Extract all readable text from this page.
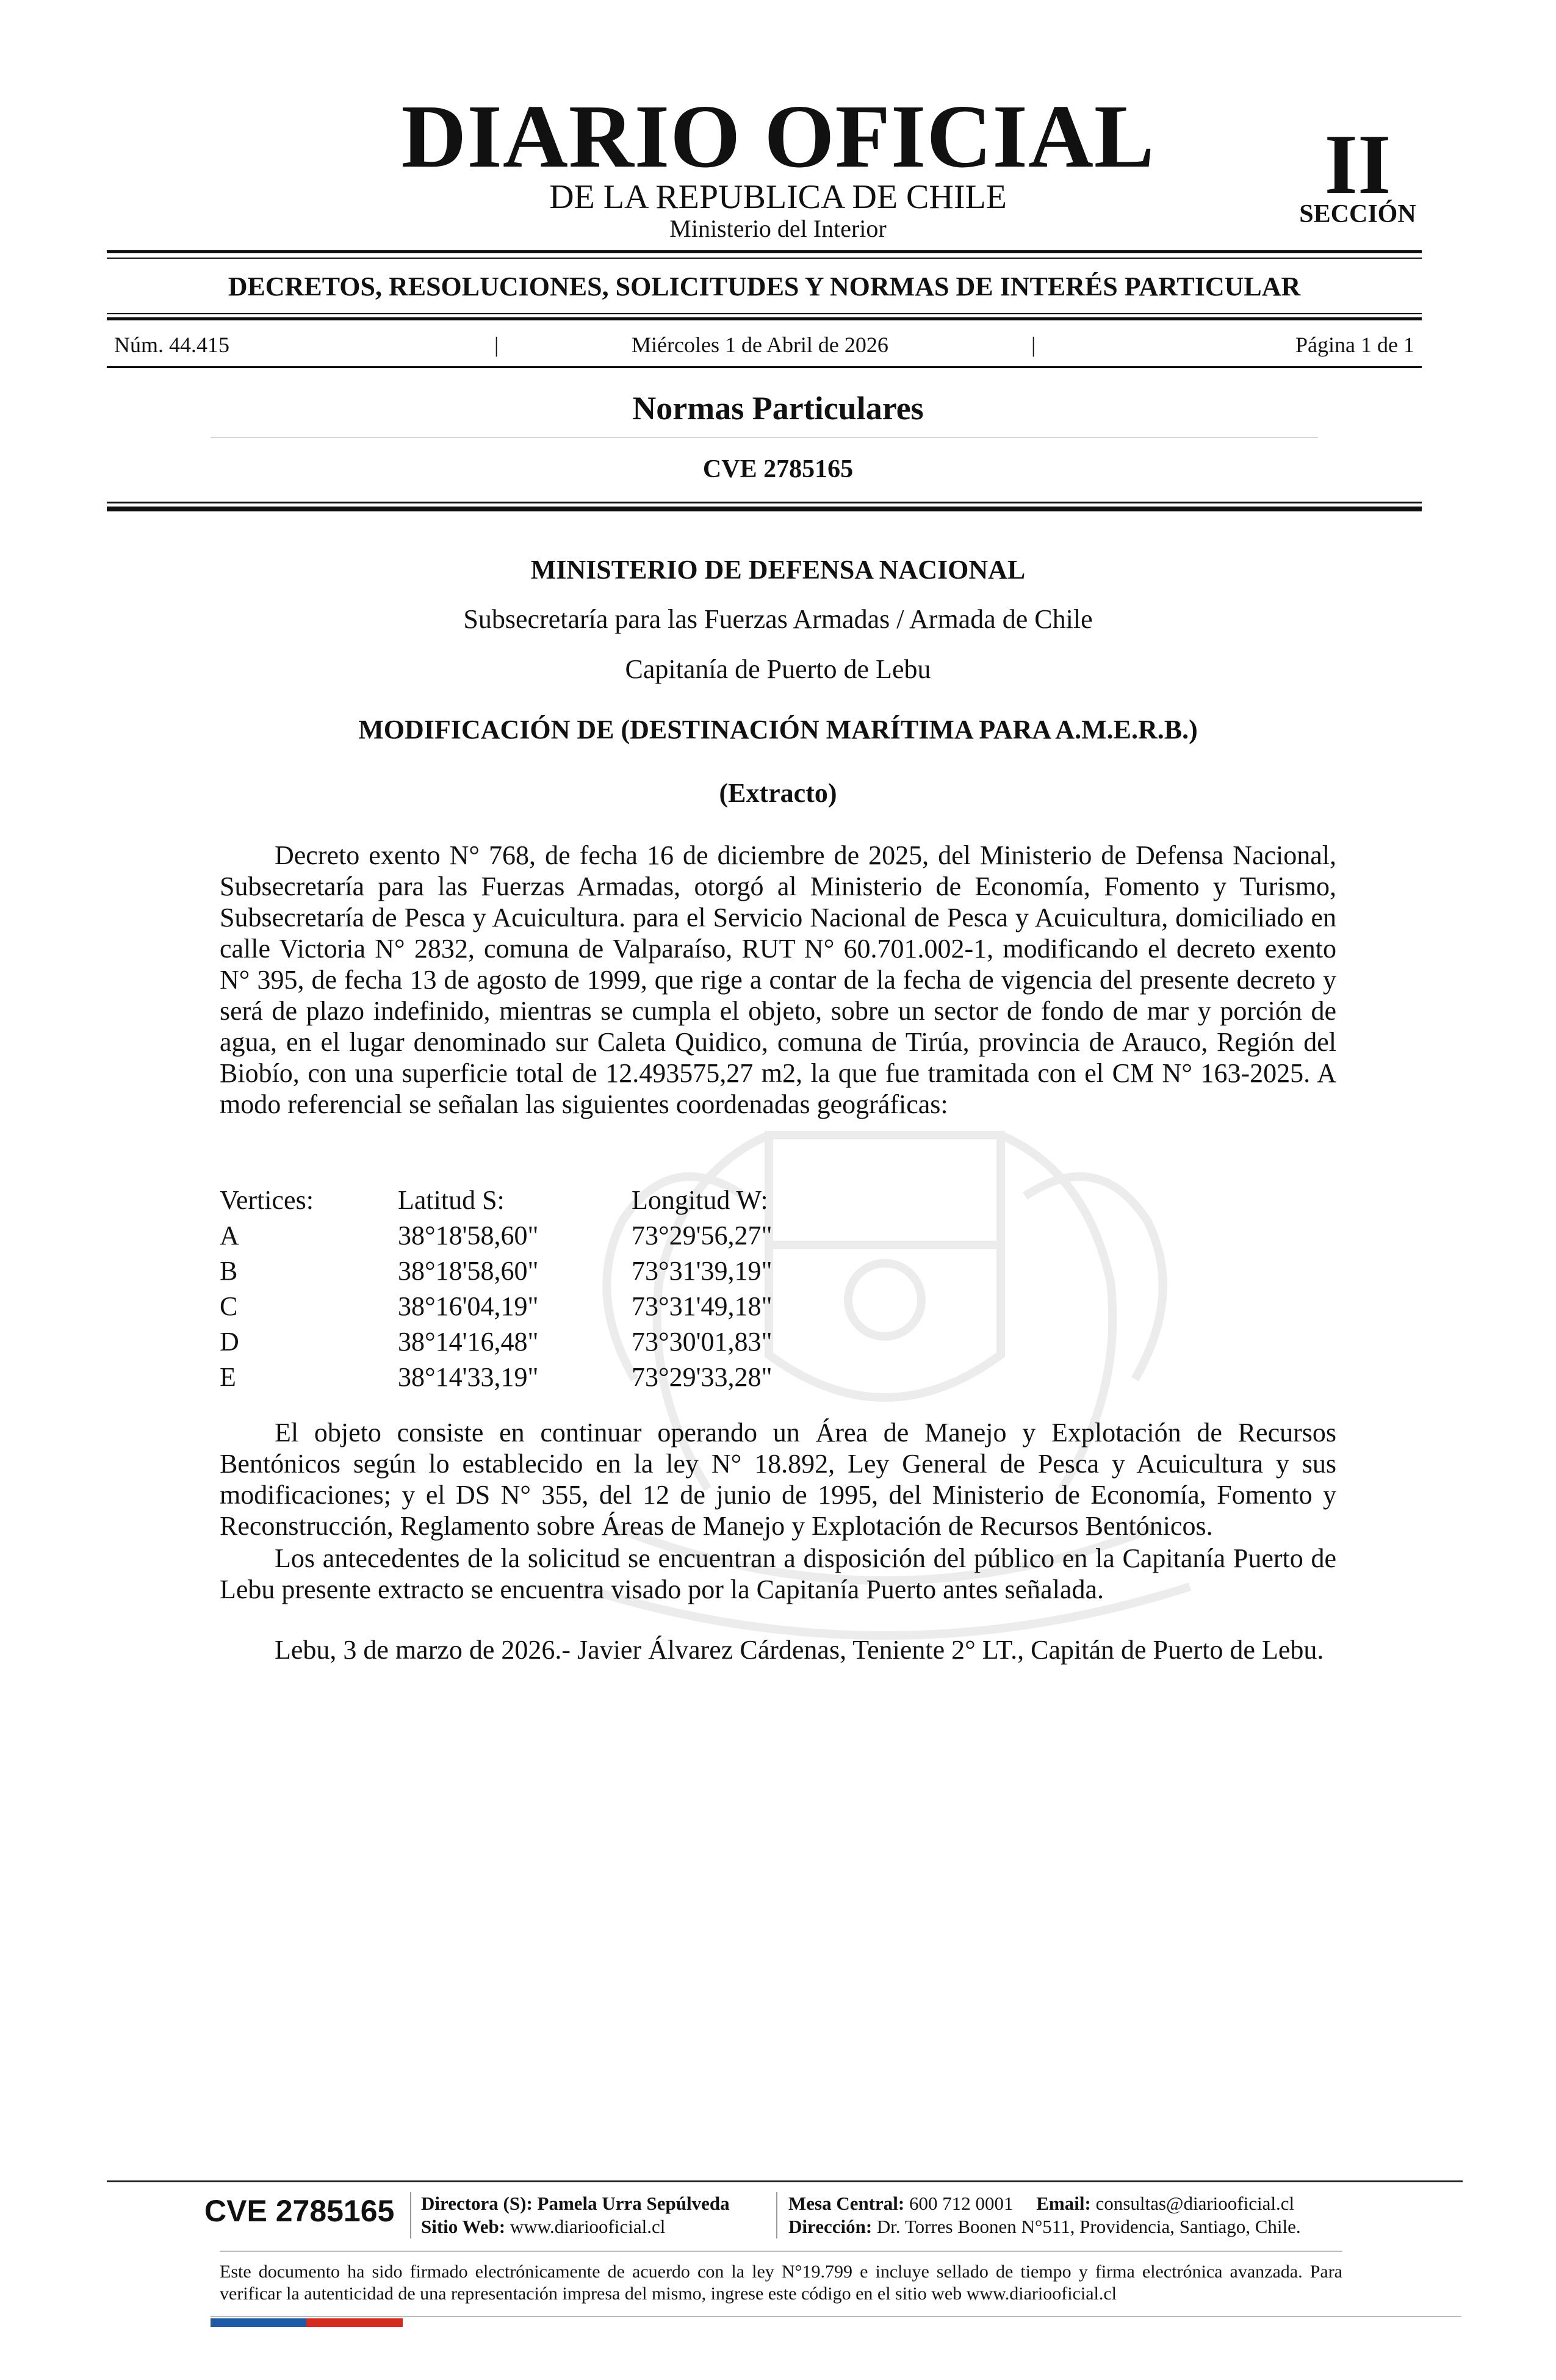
DIARIO OFICIAL
DE LA REPUBLICA DE CHILE
Ministerio del Interior
II
SECCIÓN
DECRETOS, RESOLUCIONES, SOLICITUDES Y NORMAS DE INTERÉS PARTICULAR
Núm. 44.415	|	Miércoles 1 de Abril de 2026	|	Página 1 de 1
Normas Particulares
CVE 2785165
MINISTERIO DE DEFENSA NACIONAL
Subsecretaría para las Fuerzas Armadas / Armada de Chile
Capitanía de Puerto de Lebu
MODIFICACIÓN DE (DESTINACIÓN MARÍTIMA PARA A.M.E.R.B.)
(Extracto)

Decreto exento N° 768, de fecha 16 de diciembre de 2025, del Ministerio de Defensa Nacional, Subsecretaría para las Fuerzas Armadas, otorgó al Ministerio de Economía, Fomento y Turismo, Subsecretaría de Pesca y Acuicultura. para el Servicio Nacional de Pesca y Acuicultura, domiciliado en calle Victoria N° 2832, comuna de Valparaíso, RUT N° 60.701.002-1, modificando el decreto exento N° 395, de fecha 13 de agosto de 1999, que rige a contar de la fecha de vigencia del presente decreto y será de plazo indefinido, mientras se cumpla el objeto, sobre un sector de fondo de mar y porción de agua, en el lugar denominado sur Caleta Quidico, comuna de Tirúa, provincia de Arauco, Región del Biobío, con una superficie total de 12.493575,27 m2, la que fue tramitada con el CM N° 163-2025. A modo referencial se señalan las siguientes coordenadas geográficas:

Vertices:	Latitud S:	Longitud W:
A	38°18'58,60"	73°29'56,27"
B	38°18'58,60"	73°31'39,19"
C	38°16'04,19"	73°31'49,18"
D	38°14'16,48"	73°30'01,83"
E	38°14'33,19"	73°29'33,28"

El objeto consiste en continuar operando un Área de Manejo y Explotación de Recursos Bentónicos según lo establecido en la ley N° 18.892, Ley General de Pesca y Acuicultura y sus modificaciones; y el DS N° 355, del 12 de junio de 1995, del Ministerio de Economía, Fomento y Reconstrucción, Reglamento sobre Áreas de Manejo y Explotación de Recursos Bentónicos.

Los antecedentes de la solicitud se encuentran a disposición del público en la Capitanía Puerto de Lebu presente extracto se encuentra visado por la Capitanía Puerto antes señalada.

Lebu, 3 de marzo de 2026.- Javier Álvarez Cárdenas, Teniente 2° LT., Capitán de Puerto de Lebu.

CVE 2785165 Directora (S): Pamela Urra Sepúlveda
Sitio Web: www.diariooficial.cl
Mesa Central: 600 712 0001 Email: consultas@diariooficial.cl
Dirección: Dr. Torres Boonen N°511, Providencia, Santiago, Chile.
Este documento ha sido firmado electrónicamente de acuerdo con la ley N°19.799 e incluye sellado de tiempo y firma electrónica avanzada. Para verificar la autenticidad de una representación impresa del mismo, ingrese este código en el sitio web www.diariooficial.cl
